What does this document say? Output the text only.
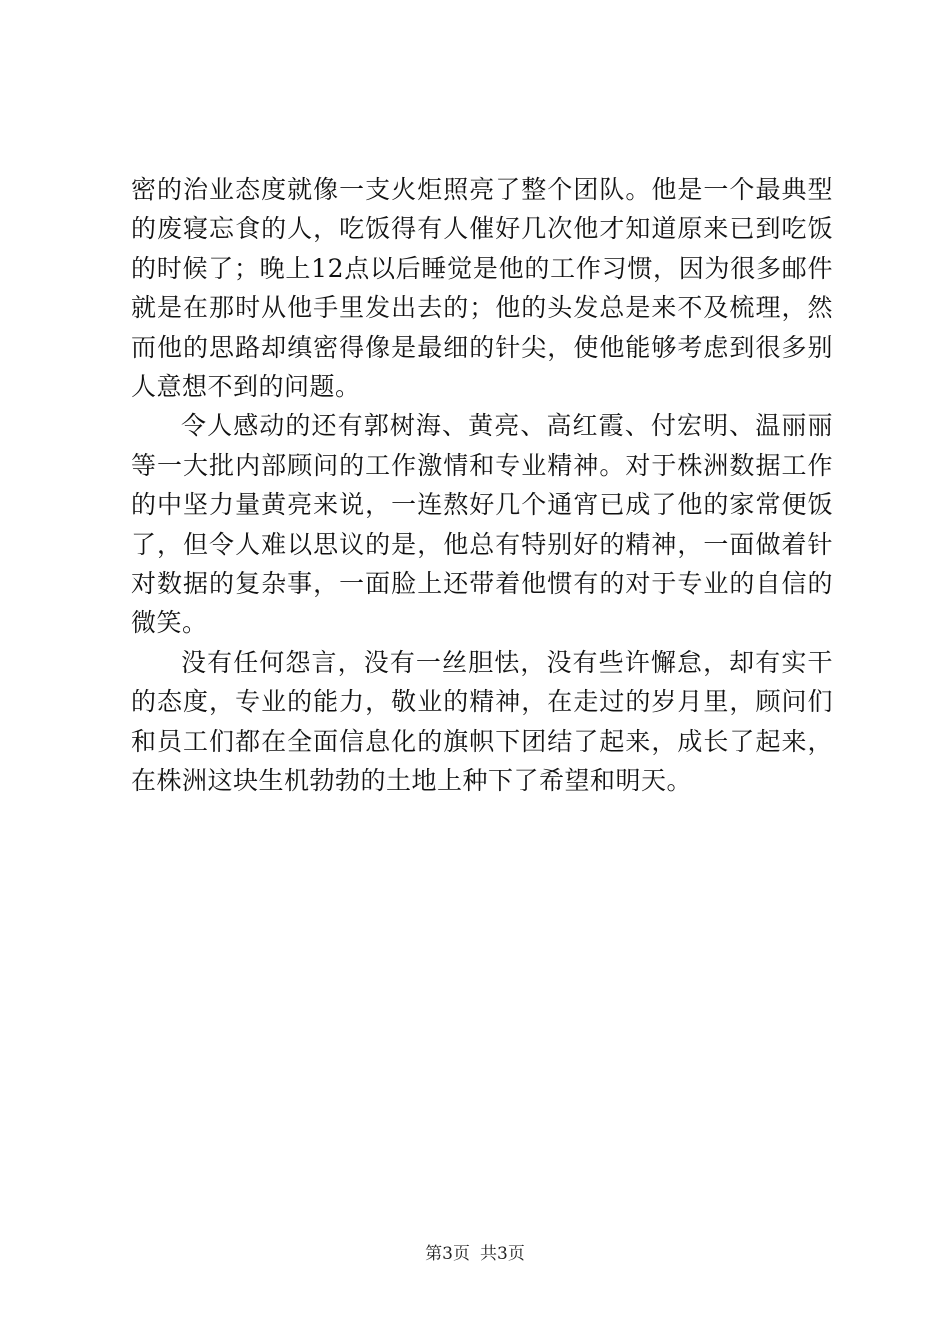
密的治业态度就像一支火炬照亮了整个团队。他是一个最典型的废寝忘食的人，吃饭得有人催好几次他才知道原来已到吃饭的时候了；晚上12点以后睡觉是他的工作习惯，因为很多邮件就是在那时从他手里发出去的；他的头发总是来不及梳理，然而他的思路却缜密得像是最细的针尖，使他能够考虑到很多别人意想不到的问题。

令人感动的还有郭树海、黄亮、高红霞、付宏明、温丽丽等一大批内部顾问的工作激情和专业精神。对于株洲数据工作的中坚力量黄亮来说，一连熬好几个通宵已成了他的家常便饭了，但令人难以思议的是，他总有特别好的精神，一面做着针对数据的复杂事，一面脸上还带着他惯有的对于专业的自信的微笑。

没有任何怨言，没有一丝胆怯，没有些许懈怠，却有实干的态度，专业的能力，敬业的精神，在走过的岁月里，顾问们和员工们都在全面信息化的旗帜下团结了起来，成长了起来，在株洲这块生机勃勃的土地上种下了希望和明天。

第3页 共3页
